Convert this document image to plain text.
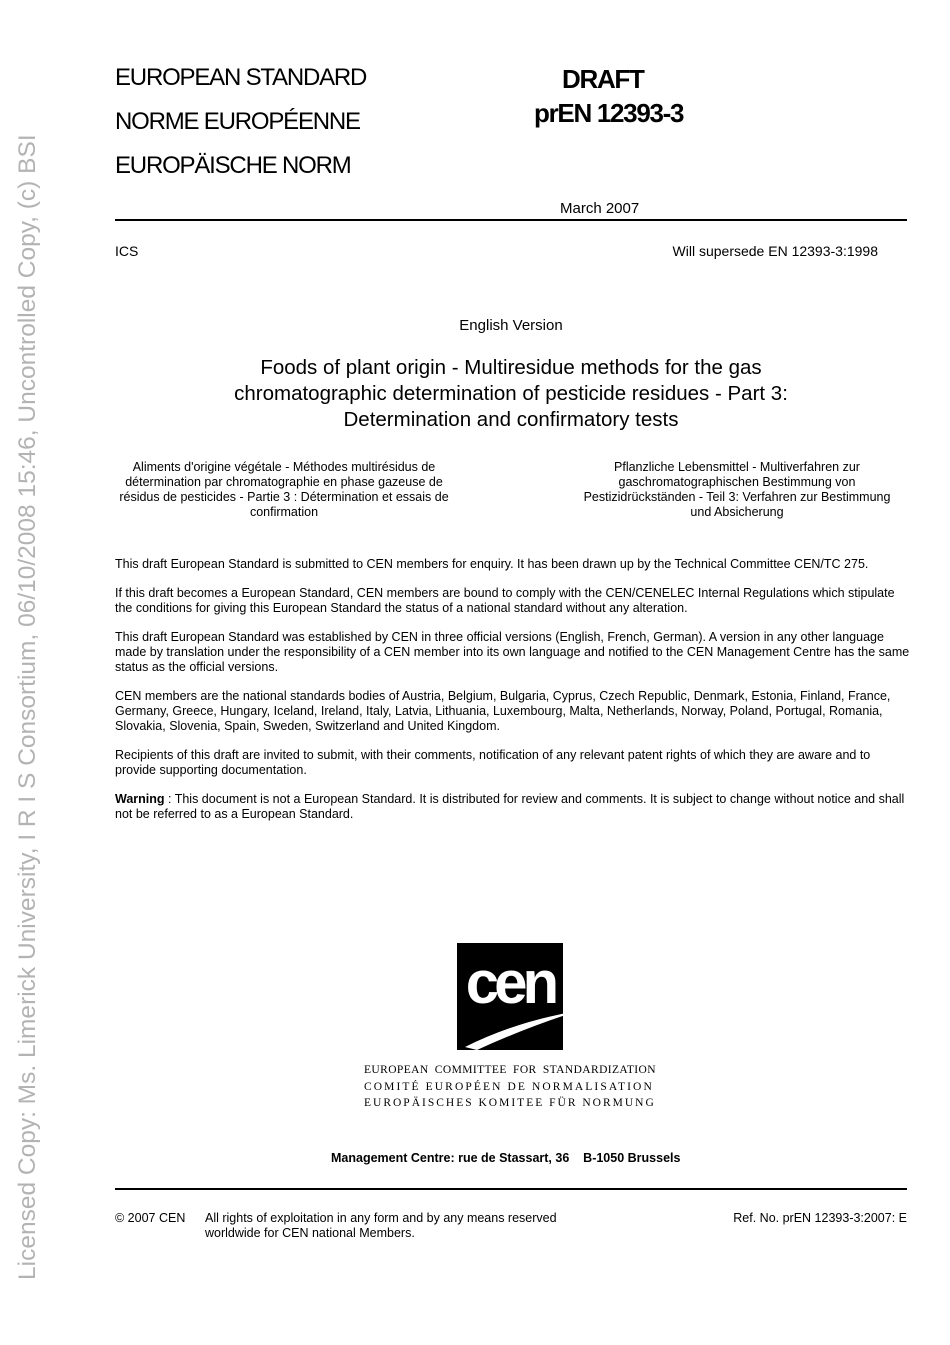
Licensed Copy: Ms. Limerick University, I R I S Consortium, 06/10/2008 15:46, Uncontrolled Copy, (c) BSI
EUROPEAN STANDARD
NORME EUROPÉENNE
EUROPÄISCHE NORM
DRAFT
prEN 12393-3
March 2007
ICS	Will supersede EN 12393-3:1998
English Version
Foods of plant origin - Multiresidue methods for the gas
chromatographic determination of pesticide residues - Part 3:
Determination and confirmatory tests
Aliments d'origine végétale - Méthodes multirésidus de
détermination par chromatographie en phase gazeuse de
résidus de pesticides - Partie 3 : Détermination et essais de
confirmation
Pflanzliche Lebensmittel - Multiverfahren zur
gaschromatographischen Bestimmung von
Pestizidrückständen - Teil 3: Verfahren zur Bestimmung
und Absicherung

This draft European Standard is submitted to CEN members for enquiry. It has been drawn up by the Technical Committee CEN/TC 275.

If this draft becomes a European Standard, CEN members are bound to comply with the CEN/CENELEC Internal Regulations which stipulate the conditions for giving this European Standard the status of a national standard without any alteration.

This draft European Standard was established by CEN in three official versions (English, French, German). A version in any other language made by translation under the responsibility of a CEN member into its own language and notified to the CEN Management Centre has the same status as the official versions.

CEN members are the national standards bodies of Austria, Belgium, Bulgaria, Cyprus, Czech Republic, Denmark, Estonia, Finland, France, Germany, Greece, Hungary, Iceland, Ireland, Italy, Latvia, Lithuania, Luxembourg, Malta, Netherlands, Norway, Poland, Portugal, Romania, Slovakia, Slovenia, Spain, Sweden, Switzerland and United Kingdom.

Recipients of this draft are invited to submit, with their comments, notification of any relevant patent rights of which they are aware and to provide supporting documentation.

Warning : This document is not a European Standard. It is distributed for review and comments. It is subject to change without notice and shall not be referred to as a European Standard.

cen
EUROPEAN COMMITTEE FOR STANDARDIZATION
COMITÉ EUROPÉEN DE NORMALISATION
EUROPÄISCHES KOMITEE FÜR NORMUNG
Management Centre: rue de Stassart, 36    B-1050 Brussels
© 2007 CEN All rights of exploitation in any form and by any means reserved worldwide for CEN national Members.
Ref. No. prEN 12393-3:2007: E
